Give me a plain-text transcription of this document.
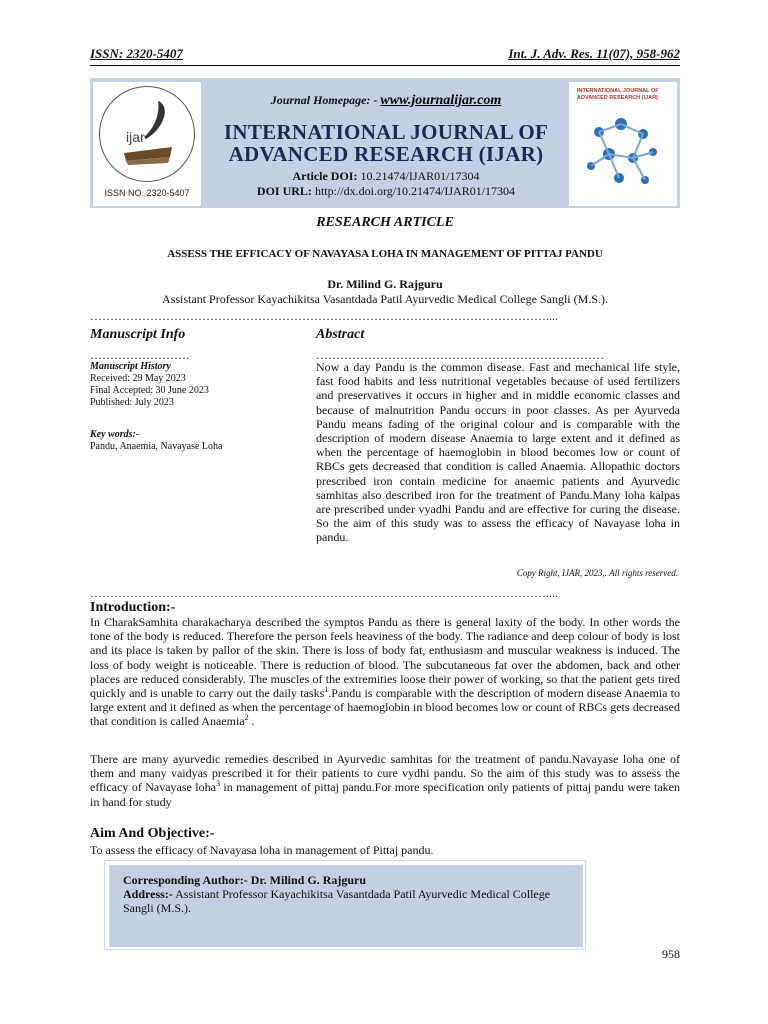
ISSN: 2320-5407	Int. J. Adv. Res. 11(07), 958-962
ijar
ISSN NO. 2320-5407
Journal Homepage: - www.journalijar.com
INTERNATIONAL JOURNAL OF
ADVANCED RESEARCH (IJAR)
Article DOI: 10.21474/IJAR01/17304
DOI URL: http://dx.doi.org/10.21474/IJAR01/17304
INTERNATIONAL JOURNAL OF ADVANCED RESEARCH (IJAR)
RESEARCH ARTICLE
ASSESS THE EFFICACY OF NAVAYASA LOHA IN MANAGEMENT OF PITTAJ PANDU
Dr. Milind G. Rajguru
Assistant Professor Kayachikitsa Vasantdada Patil Ayurvedic Medical College Sangli (M.S.).
……………………………………………………………………………………………………....
Manuscript Info	Abstract
…………………….	………………………………………………………………
Manuscript History
Received: 29 May 2023
Final Accepted: 30 June 2023
Published: July 2023
Key words:-
Pandu, Anaemia, Navayase Loha
Now a day Pandu is the common disease. Fast and mechanical life style, fast food habits and less nutritional vegetables because of used fertilizers and preservatives it occurs in higher and in middle economic classes and because of malnutrition Pandu occurs in poor classes. As per Ayurveda Pandu means fading of the original colour and is comparable with the description of modern disease Anaemia to large extent and it defined as when the percentage of haemoglobin in blood becomes low or count of RBCs gets decreased that condition is called Anaemia. Allopathic doctors prescribed iron contain medicine for anaemic patients and Ayurvedic samhitas also described iron for the treatment of Pandu.Many loha kalpas are prescribed under vyadhi Pandu and are effective for curing the disease. So the aim of this study was to assess the efficacy of Navayase loha in pandu.
Copy Right, IJAR, 2023,. All rights reserved.
……………………………………………………………………………………………………....
Introduction:-
In CharakSamhita charakacharya described the symptos Pandu as there is general laxity of the body. In other words the tone of the body is reduced. Therefore the person feels heaviness of the body. The radiance and deep colour of body is lost and its place is taken by pallor of the skin. There is loss of body fat, enthusiasm and muscular weakness is induced. The loss of body weight is noticeable. There is reduction of blood. The subcutaneous fat over the abdomen, back and other places are reduced considerably. The muscles of the extremities loose their power of working, so that the patient gets tired quickly and is unable to carry out the daily tasks$^1$.Pandu is comparable with the description of modern disease Anaemia to large extent and it defined as when the percentage of haemoglobin in blood becomes low or count of RBCs gets decreased that condition is called Anaemia$^2$ .
There are many ayurvedic remedies described in Ayurvedic samhitas for the treatment of pandu.Navayase loha one of them and many vaidyas prescribed it for their patients to cure vydhi pandu. So the aim of this study was to assess the efficacy of Navayase loha$^3$ in management of pittaj pandu.For more specification only patients of pittaj pandu were taken in hand for study
Aim And Objective:-
To assess the efficacy of Navayasa loha in management of Pittaj pandu.
Corresponding Author:- Dr. Milind G. Rajguru
Address:- Assistant Professor Kayachikitsa Vasantdada Patil Ayurvedic Medical College Sangli (M.S.).
958
